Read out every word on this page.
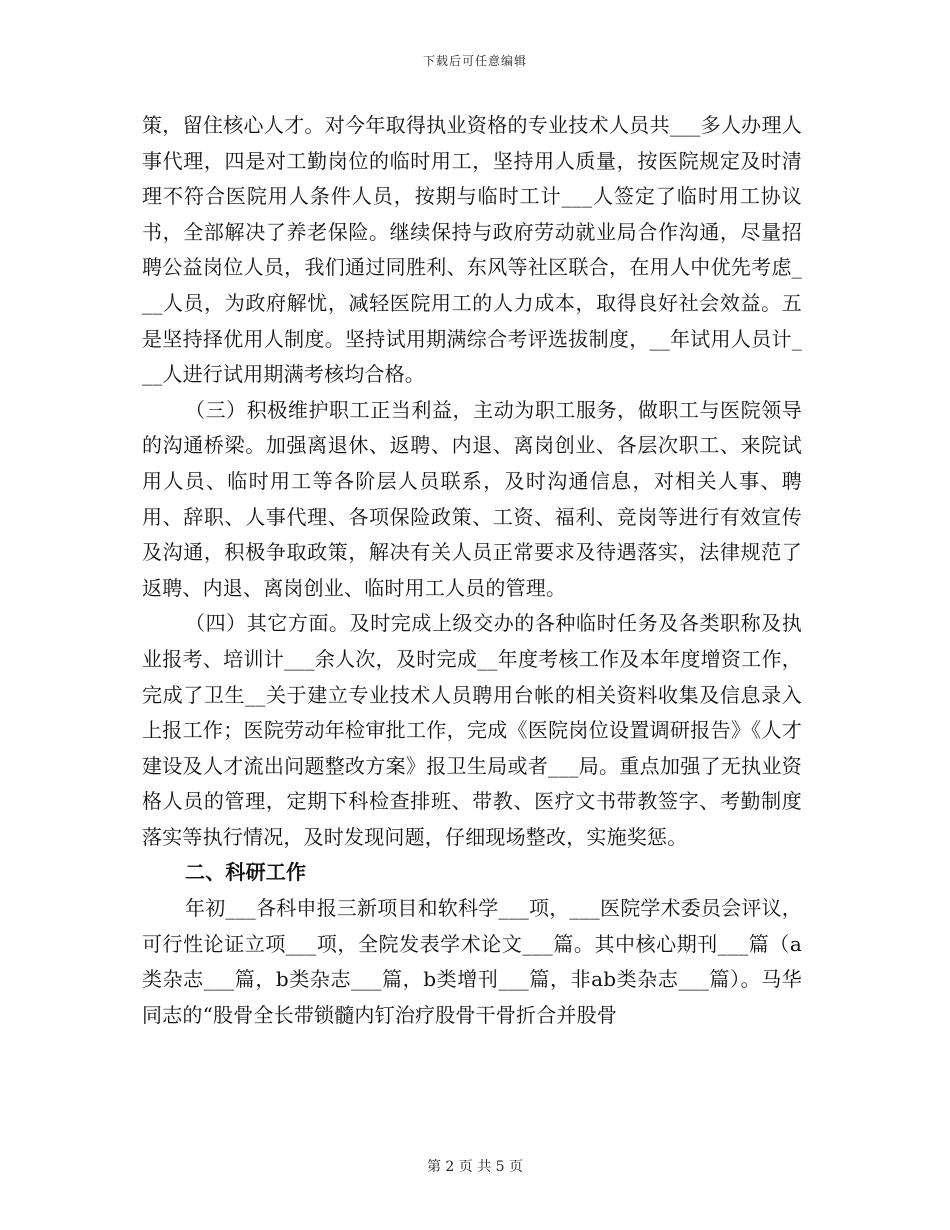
下载后可任意编辑

策，留住核心人才。对今年取得执业资格的专业技术人员共___多人办理人事代理，四是对工勤岗位的临时用工，坚持用人质量，按医院规定及时清理不符合医院用人条件人员，按期与临时工计___人签定了临时用工协议书，全部解决了养老保险。继续保持与政府劳动就业局合作沟通，尽量招聘公益岗位人员，我们通过同胜利、东风等社区联合，在用人中优先考虑___人员，为政府解忧，减轻医院用工的人力成本，取得良好社会效益。五是坚持择优用人制度。坚持试用期满综合考评选拔制度，__年试用人员计___人进行试用期满考核均合格。

（三）积极维护职工正当利益，主动为职工服务，做职工与医院领导的沟通桥梁。加强离退休、返聘、内退、离岗创业、各层次职工、来院试用人员、临时用工等各阶层人员联系，及时沟通信息，对相关人事、聘用、辞职、人事代理、各项保险政策、工资、福利、竞岗等进行有效宣传及沟通，积极争取政策，解决有关人员正常要求及待遇落实，法律规范了返聘、内退、离岗创业、临时用工人员的管理。

（四）其它方面。及时完成上级交办的各种临时任务及各类职称及执业报考、培训计___余人次，及时完成__年度考核工作及本年度增资工作，完成了卫生__关于建立专业技术人员聘用台帐的相关资料收集及信息录入上报工作；医院劳动年检审批工作，完成《医院岗位设置调研报告》《人才建设及人才流出问题整改方案》报卫生局或者___局。重点加强了无执业资格人员的管理，定期下科检查排班、带教、医疗文书带教签字、考勤制度落实等执行情况，及时发现问题，仔细现场整改，实施奖惩。

二、科研工作

年初___各科申报三新项目和软科学___项，___医院学术委员会评议，可行性论证立项___项，全院发表学术论文___篇。其中核心期刊___篇（a类杂志___篇，b类杂志___篇，b类增刊___篇，非ab类杂志___篇）。马华同志的“股骨全长带锁髓内钉治疗股骨干骨折合并股骨

第 2 页 共 5 页
